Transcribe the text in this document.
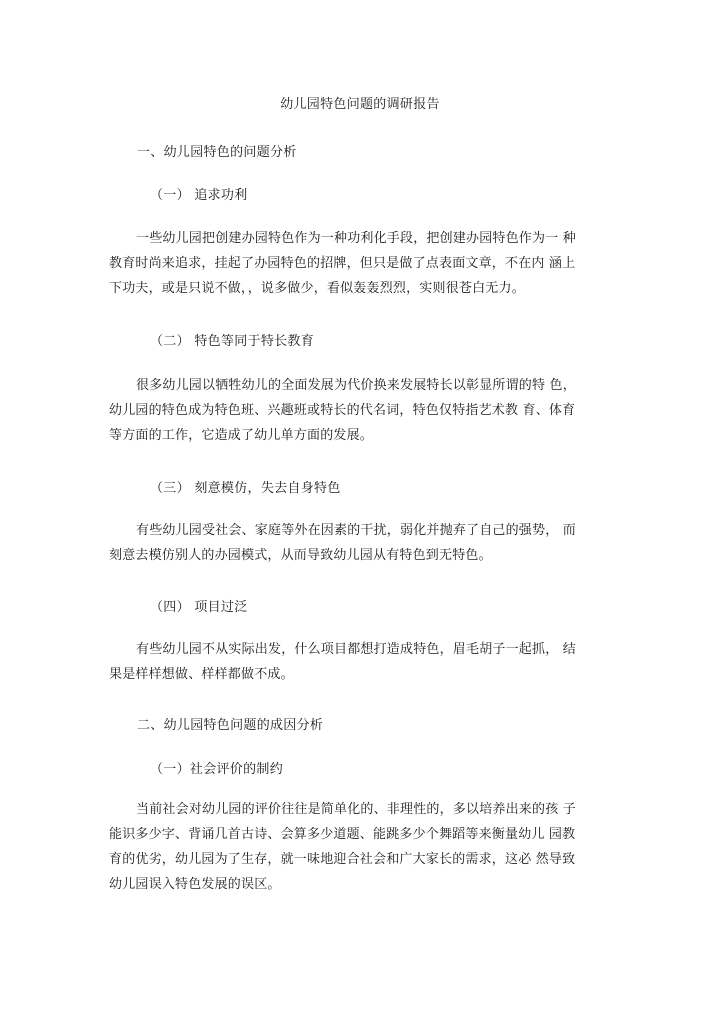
幼儿园特色问题的调研报告
一、幼儿园特色的问题分析
（一） 追求功利
一些幼儿园把创建办园特色作为一种功利化手段，把创建办园特色作为一 种
教育时尚来追求，挂起了办园特色的招牌，但只是做了点表面文章，不在内 涵上
下功夫，或是只说不做，，说多做少，看似轰轰烈烈，实则很苍白无力。
（二） 特色等同于特长教育
很多幼儿园以牺牲幼儿的全面发展为代价换来发展特长以彰显所谓的特 色，
幼儿园的特色成为特色班、兴趣班或特长的代名词，特色仅特指艺术教 育、体育
等方面的工作，它造成了幼儿单方面的发展。
（三） 刻意模仿，失去自身特色
有些幼儿园受社会、家庭等外在因素的干扰，弱化并抛弃了自己的强势， 而
刻意去模仿别人的办园模式，从而导致幼儿园从有特色到无特色。
（四） 项目过泛
有些幼儿园不从实际出发，什么项目都想打造成特色，眉毛胡子一起抓， 结
果是样样想做、样样都做不成。
二、幼儿园特色问题的成因分析
（一）社会评价的制约
当前社会对幼儿园的评价往往是简单化的、非理性的，多以培养出来的孩 子
能识多少字、背诵几首古诗、会算多少道题、能跳多少个舞蹈等来衡量幼儿 园教
育的优劣，幼儿园为了生存，就一味地迎合社会和广大家长的需求，这必 然导致
幼儿园误入特色发展的误区。
